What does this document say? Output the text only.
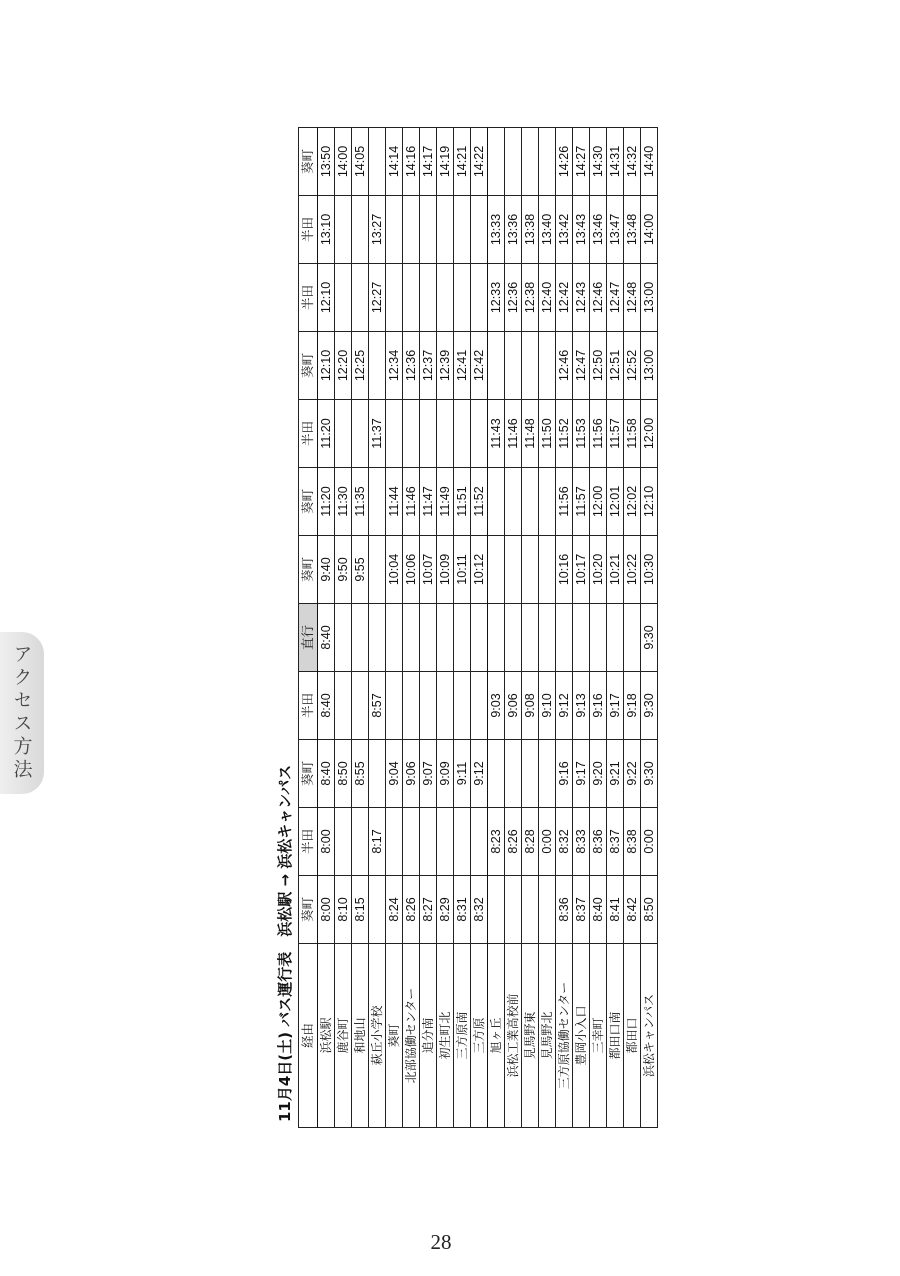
アクセス方法
11月4日(土) バス運行表　浜松駅 → 浜松キャンパス 経由	葵町	半田	葵町	半田	直行	葵町	葵町	半田	葵町	半田	半田	葵町
浜松駅	8:00	8:00	8:40	8:40	8:40	9:40	11:20	11:20	12:10	12:10	13:10	13:50
鹿谷町	8:10		8:50			9:50	11:30		12:20			14:00
和地山	8:15		8:55			9:55	11:35		12:25			14:05
萩丘小学校		8:17		8:57				11:37		12:27	13:27	
葵町	8:24		9:04			10:04	11:44		12:34			14:14
北部協働センター	8:26		9:06			10:06	11:46		12:36			14:16
追分南	8:27		9:07			10:07	11:47		12:37			14:17
初生町北	8:29		9:09			10:09	11:49		12:39			14:19
三方原南	8:31		9:11			10:11	11:51		12:41			14:21
三方原	8:32		9:12			10:12	11:52		12:42			14:22
旭ヶ丘		8:23		9:03				11:43		12:33	13:33	
浜松工業高校前		8:26		9:06				11:46		12:36	13:36	
見馬野東		8:28		9:08				11:48		12:38	13:38	
見馬野北		0:00		9:10				11:50		12:40	13:40	
三方原協働センター	8:36	8:32	9:16	9:12		10:16	11:56	11:52	12:46	12:42	13:42	14:26
豊岡小入口	8:37	8:33	9:17	9:13		10:17	11:57	11:53	12:47	12:43	13:43	14:27
三幸町	8:40	8:36	9:20	9:16		10:20	12:00	11:56	12:50	12:46	13:46	14:30
都田口南	8:41	8:37	9:21	9:17		10:21	12:01	11:57	12:51	12:47	13:47	14:31
都田口	8:42	8:38	9:22	9:18		10:22	12:02	11:58	12:52	12:48	13:48	14:32
浜松キャンパス	8:50	0:00	9:30	9:30	9:30	10:30	12:10	12:00	13:00	13:00	14:00	14:40
28
